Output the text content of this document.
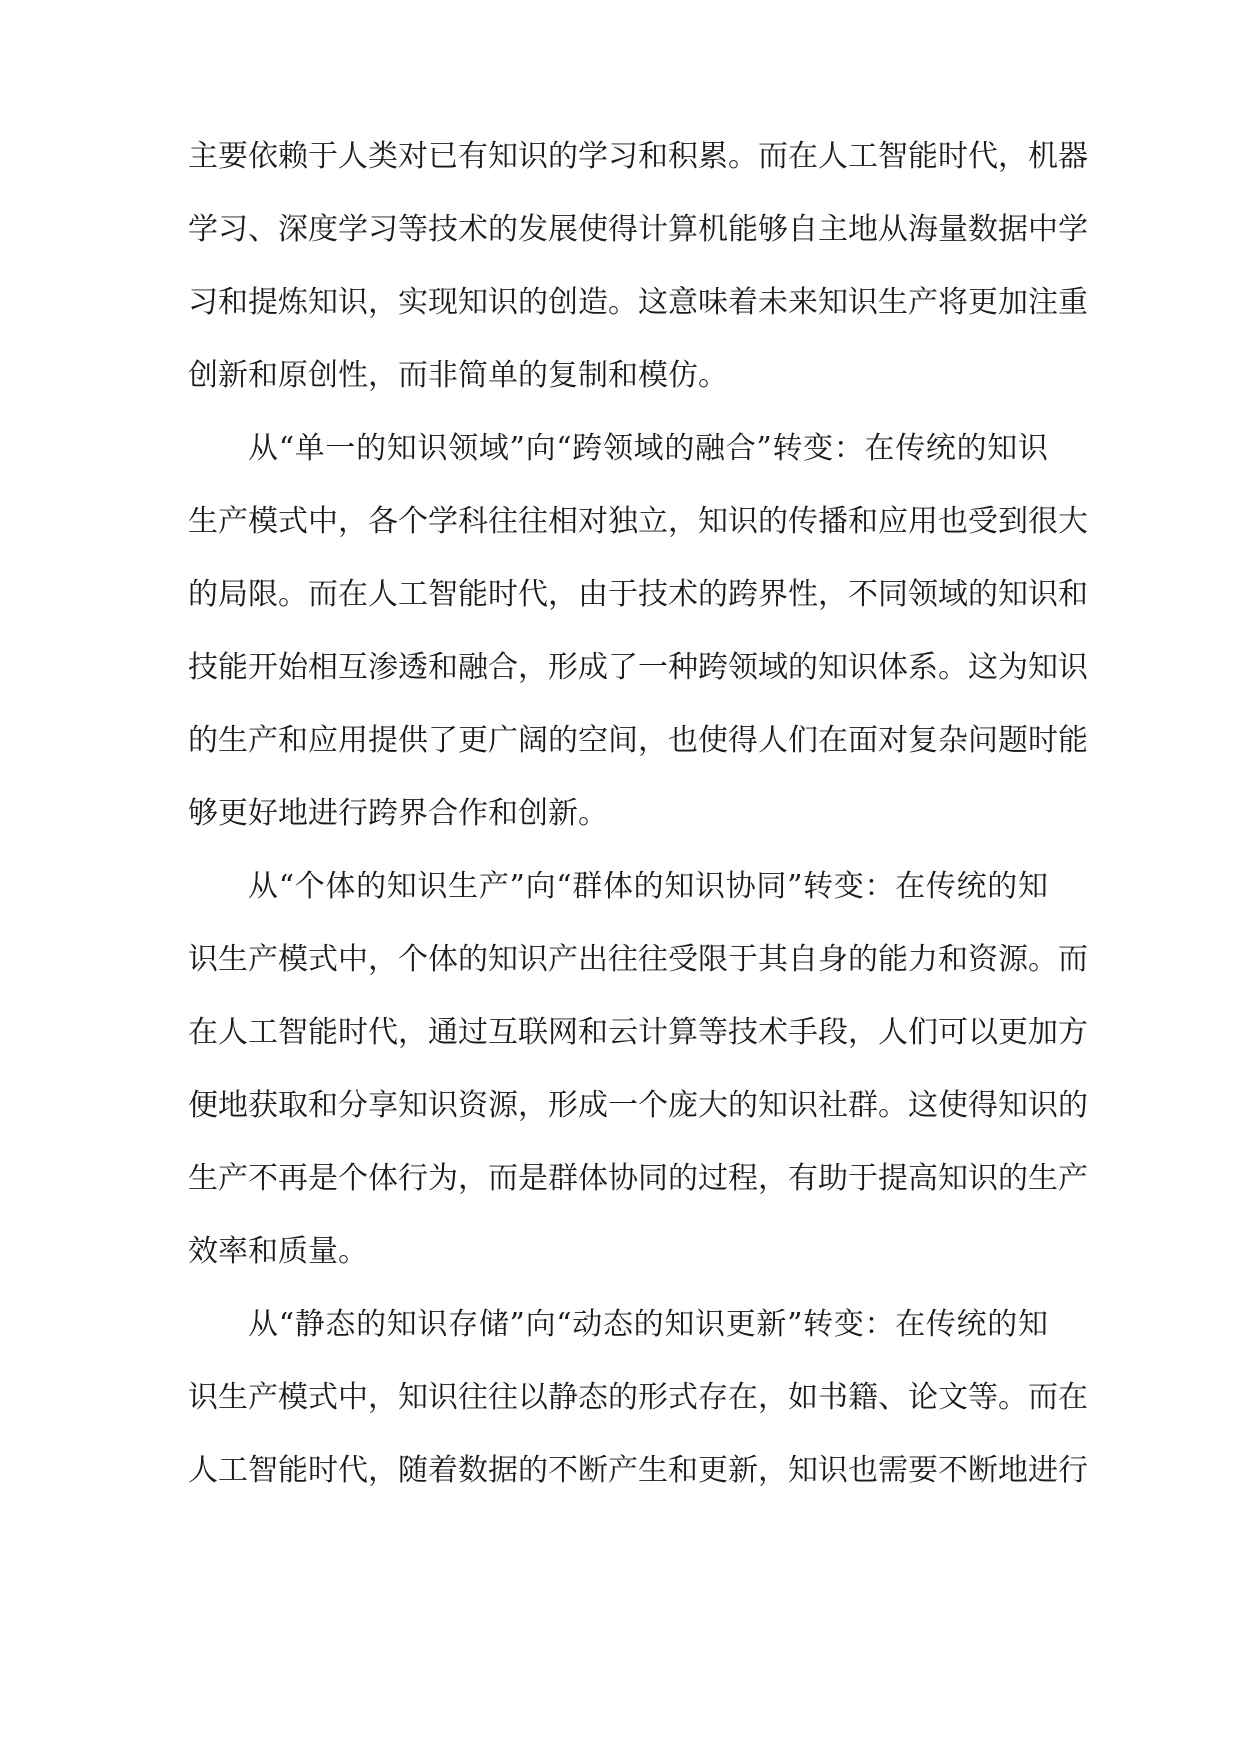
主要依赖于人类对已有知识的学习和积累。而在人工智能时代，机器
学习、深度学习等技术的发展使得计算机能够自主地从海量数据中学
习和提炼知识，实现知识的创造。这意味着未来知识生产将更加注重
创新和原创性，而非简单的复制和模仿。
从“单一的知识领域”向“跨领域的融合”转变：在传统的知识
生产模式中，各个学科往往相对独立，知识的传播和应用也受到很大
的局限。而在人工智能时代，由于技术的跨界性，不同领域的知识和
技能开始相互渗透和融合，形成了一种跨领域的知识体系。这为知识
的生产和应用提供了更广阔的空间，也使得人们在面对复杂问题时能
够更好地进行跨界合作和创新。
从“个体的知识生产”向“群体的知识协同”转变：在传统的知
识生产模式中，个体的知识产出往往受限于其自身的能力和资源。而
在人工智能时代，通过互联网和云计算等技术手段，人们可以更加方
便地获取和分享知识资源，形成一个庞大的知识社群。这使得知识的
生产不再是个体行为，而是群体协同的过程，有助于提高知识的生产
效率和质量。
从“静态的知识存储”向“动态的知识更新”转变：在传统的知
识生产模式中，知识往往以静态的形式存在，如书籍、论文等。而在
人工智能时代，随着数据的不断产生和更新，知识也需要不断地进行
